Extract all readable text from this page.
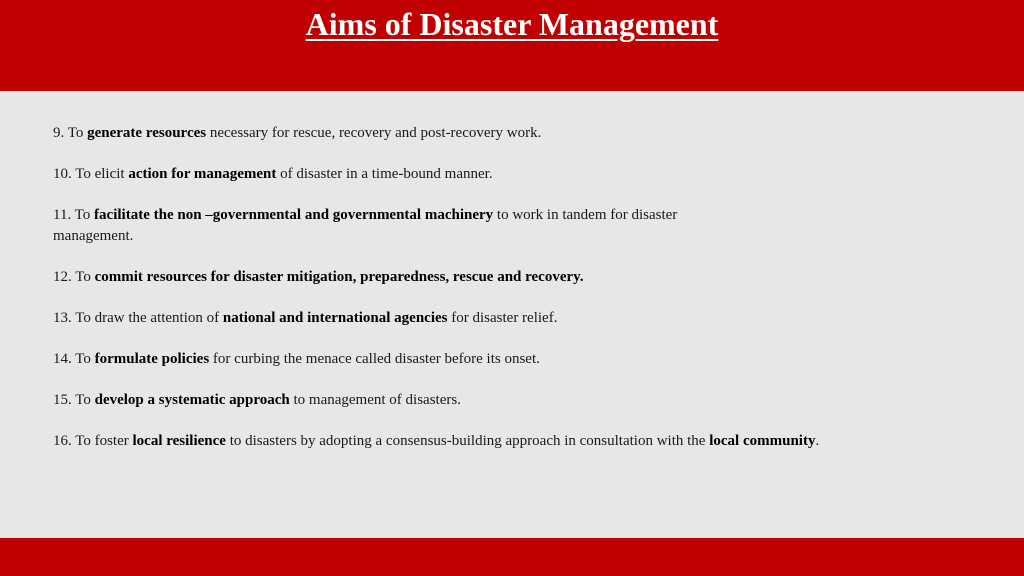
Aims of Disaster Management

9. To generate resources necessary for rescue, recovery and post-recovery work.

10. To elicit action for management of disaster in a time-bound manner.

11. To facilitate the non –governmental and governmental machinery to work in tandem for disaster management.

12. To commit resources for disaster mitigation, preparedness, rescue and recovery.

13. To draw the attention of national and international agencies for disaster relief.

14. To formulate policies for curbing the menace called disaster before its onset.

15. To develop a systematic approach to management of disasters.

16. To foster local resilience to disasters by adopting a consensus-building approach in consultation with the local community.
